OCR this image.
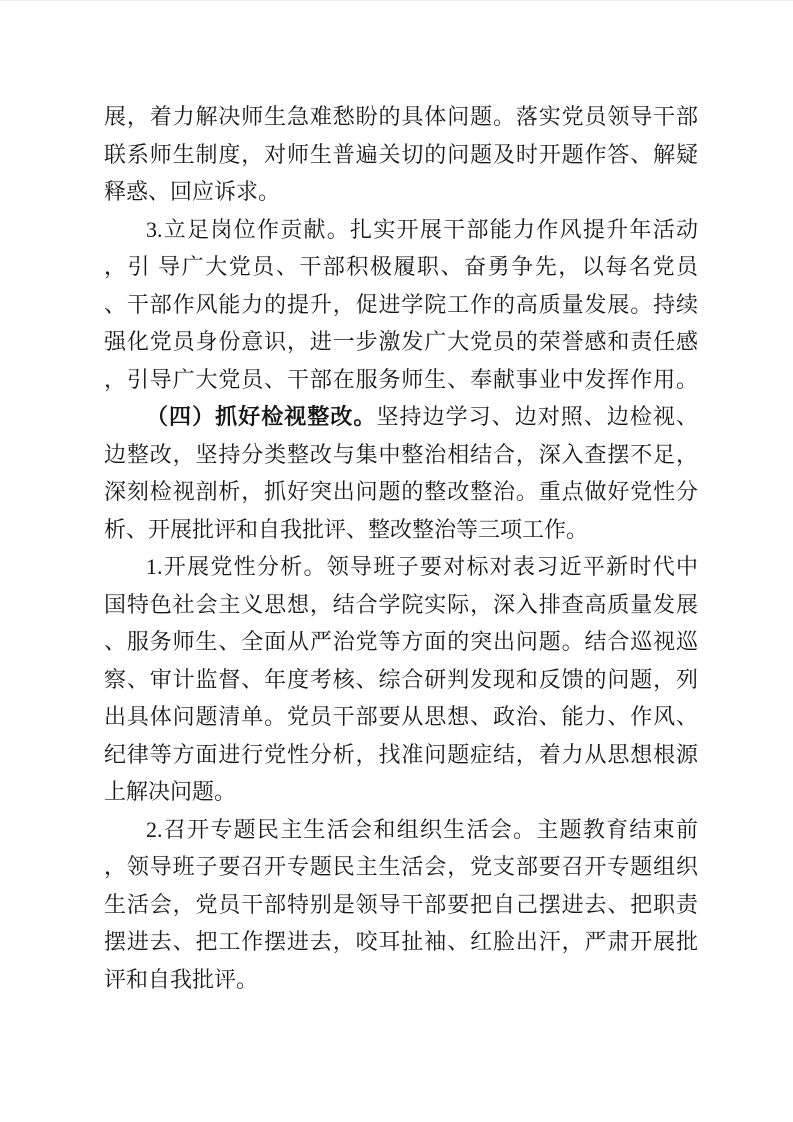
展，着力解决师生急难愁盼的具体问题。落实党员领导干部
联系师生制度，对师生普遍关切的问题及时开题作答、解疑
释惑、回应诉求。
3.立足岗位作贡献。扎实开展干部能力作风提升年活动
，引 导广大党员、干部积极履职、奋勇争先，以每名党员
、干部作风能力的提升，促进学院工作的高质量发展。持续
强化党员身份意识，进一步激发广大党员的荣誉感和责任感
，引导广大党员、干部在服务师生、奉献事业中发挥作用。
（四）抓好检视整改。坚持边学习、边对照、边检视、
边整改，坚持分类整改与集中整治相结合，深入查摆不足，
深刻检视剖析，抓好突出问题的整改整治。重点做好党性分
析、开展批评和自我批评、整改整治等三项工作。
1.开展党性分析。领导班子要对标对表习近平新时代中
国特色社会主义思想，结合学院实际，深入排查高质量发展
、服务师生、全面从严治党等方面的突出问题。结合巡视巡
察、审计监督、年度考核、综合研判发现和反馈的问题，列
出具体问题清单。党员干部要从思想、政治、能力、作风、
纪律等方面进行党性分析，找准问题症结，着力从思想根源
上解决问题。
2.召开专题民主生活会和组织生活会。主题教育结束前
，领导班子要召开专题民主生活会，党支部要召开专题组织
生活会，党员干部特别是领导干部要把自己摆进去、把职责
摆进去、把工作摆进去，咬耳扯袖、红脸出汗，严肃开展批
评和自我批评。
